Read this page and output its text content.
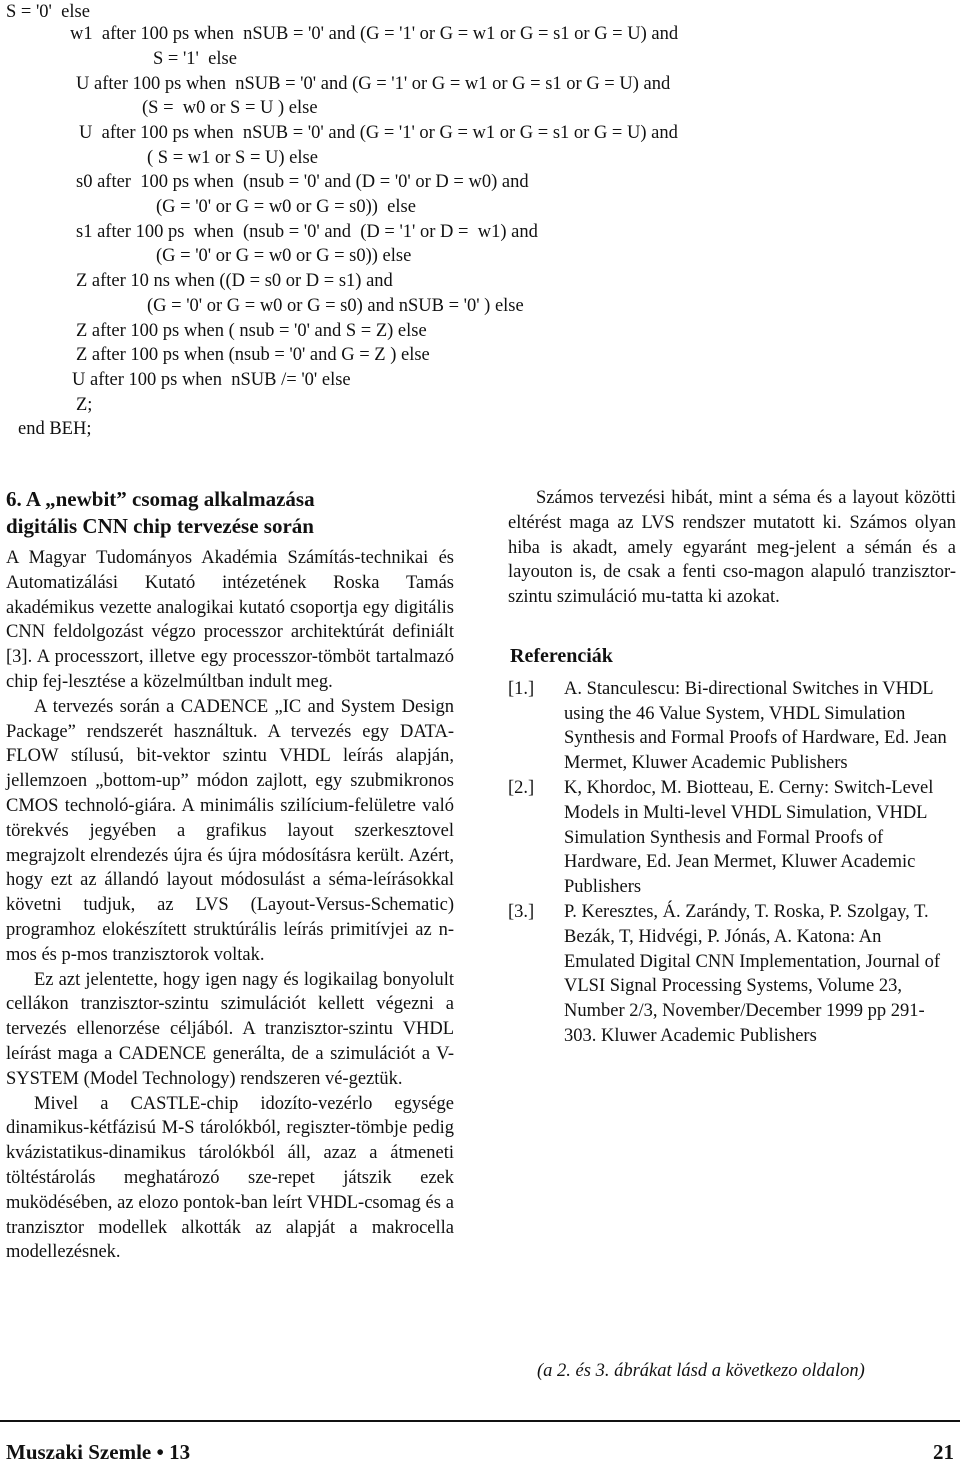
S = '0'  else
w1  after 100 ps when  nSUB = '0' and (G = '1' or G = w1 or G = s1 or G = U) and
S = '1'  else
U after 100 ps when  nSUB = '0' and (G = '1' or G = w1 or G = s1 or G = U) and
(S =  w0 or S = U ) else
U  after 100 ps when  nSUB = '0' and (G = '1' or G = w1 or G = s1 or G = U) and
( S = w1 or S = U) else
s0 after  100 ps when  (nsub = '0' and (D = '0' or D = w0) and
(G = '0' or G = w0 or G = s0))  else
s1 after 100 ps  when  (nsub = '0' and  (D = '1' or D =  w1) and
(G = '0' or G = w0 or G = s0)) else
Z after 10 ns when ((D = s0 or D = s1) and
(G = '0' or G = w0 or G = s0) and nSUB = '0' ) else
Z after 100 ps when ( nsub = '0' and S = Z) else
Z after 100 ps when (nsub = '0' and G = Z ) else
U after 100 ps when  nSUB /= '0' else
Z;
end BEH;
6. A „newbit” csomag alkalmazása
digitális CNN chip tervezése során

A Magyar Tudományos Akadémia Számítás-technikai és Automatizálási Kutató intézetének Roska Tamás akadémikus vezette analogikai kutató csoportja egy digitális CNN feldolgozást végzo processzor architektúrát definiált [3]. A processzort, illetve egy processzor-tömböt tartalmazó chip fej-lesztése a közelmúltban indult meg.

A tervezés során a CADENCE „IC and System Design Package” rendszerét használtuk. A tervezés egy DATA-FLOW stílusú, bit-vektor szintu VHDL leírás alapján, jellemzoen „bottom-up” módon zajlott, egy szubmikronos CMOS technoló-giára. A minimális szilícium-felületre való törekvés jegyében a grafikus layout szerkesztovel megrajzolt elrendezés újra és újra módosításra került. Azért, hogy ezt az állandó layout módosulást a séma-leírásokkal követni tudjuk, az LVS (Layout-Versus-Schematic) programhoz elokészített struktúrális leírás primitívjei az n-mos és p-mos tranzisztorok voltak.

Ez azt jelentette, hogy igen nagy és logikailag bonyolult cellákon tranzisztor-szintu szimulációt kellett végezni a tervezés ellenorzése céljából. A tranzisztor-szintu VHDL leírást maga a CADENCE generálta, de a szimulációt a V-SYSTEM (Model Technology) rendszeren vé-geztük.

Mivel a CASTLE-chip idozíto-vezérlo egysége dinamikus-kétfázisú M-S tárolókból, regiszter-tömbje pedig kvázistatikus-dinamikus tárolókból áll, azaz a átmeneti töltéstárolás meghatározó sze-repet játszik ezek muködésében, az elozo pontok-ban leírt VHDL-csomag és a tranzisztor modellek alkották az alapját a makrocella modellezésnek.

Számos tervezési hibát, mint a séma és a layout közötti eltérést maga az LVS rendszer mutatott ki. Számos olyan hiba is akadt, amely egyaránt meg-jelent a sémán és a layouton is, de csak a fenti cso-magon alapuló tranzisztor-szintu szimuláció mu-tatta ki azokat.

Referenciák
[1.]	A. Stanculescu: Bi-directional Switches in VHDL using the 46 Value System, VHDL Simulation Synthesis and Formal Proofs of Hardware, Ed. Jean Mermet, Kluwer Academic Publishers
[2.]	K, Khordoc, M. Biotteau, E. Cerny: Switch-Level Models in Multi-level VHDL Simulation, VHDL Simulation Synthesis and Formal Proofs of Hardware, Ed. Jean Mermet, Kluwer Academic Publishers
[3.]	P. Keresztes, Á. Zarándy, T. Roska, P. Szolgay, T. Bezák, T, Hidvégi, P. Jónás, A. Katona: An Emulated Digital CNN Implementation, Journal of VLSI Signal Processing Systems, Volume 23, Number 2/3, November/December 1999 pp 291-303. Kluwer Academic Publishers
(a 2. és 3. ábrákat lásd a következo oldalon)
Muszaki Szemle • 13	21
